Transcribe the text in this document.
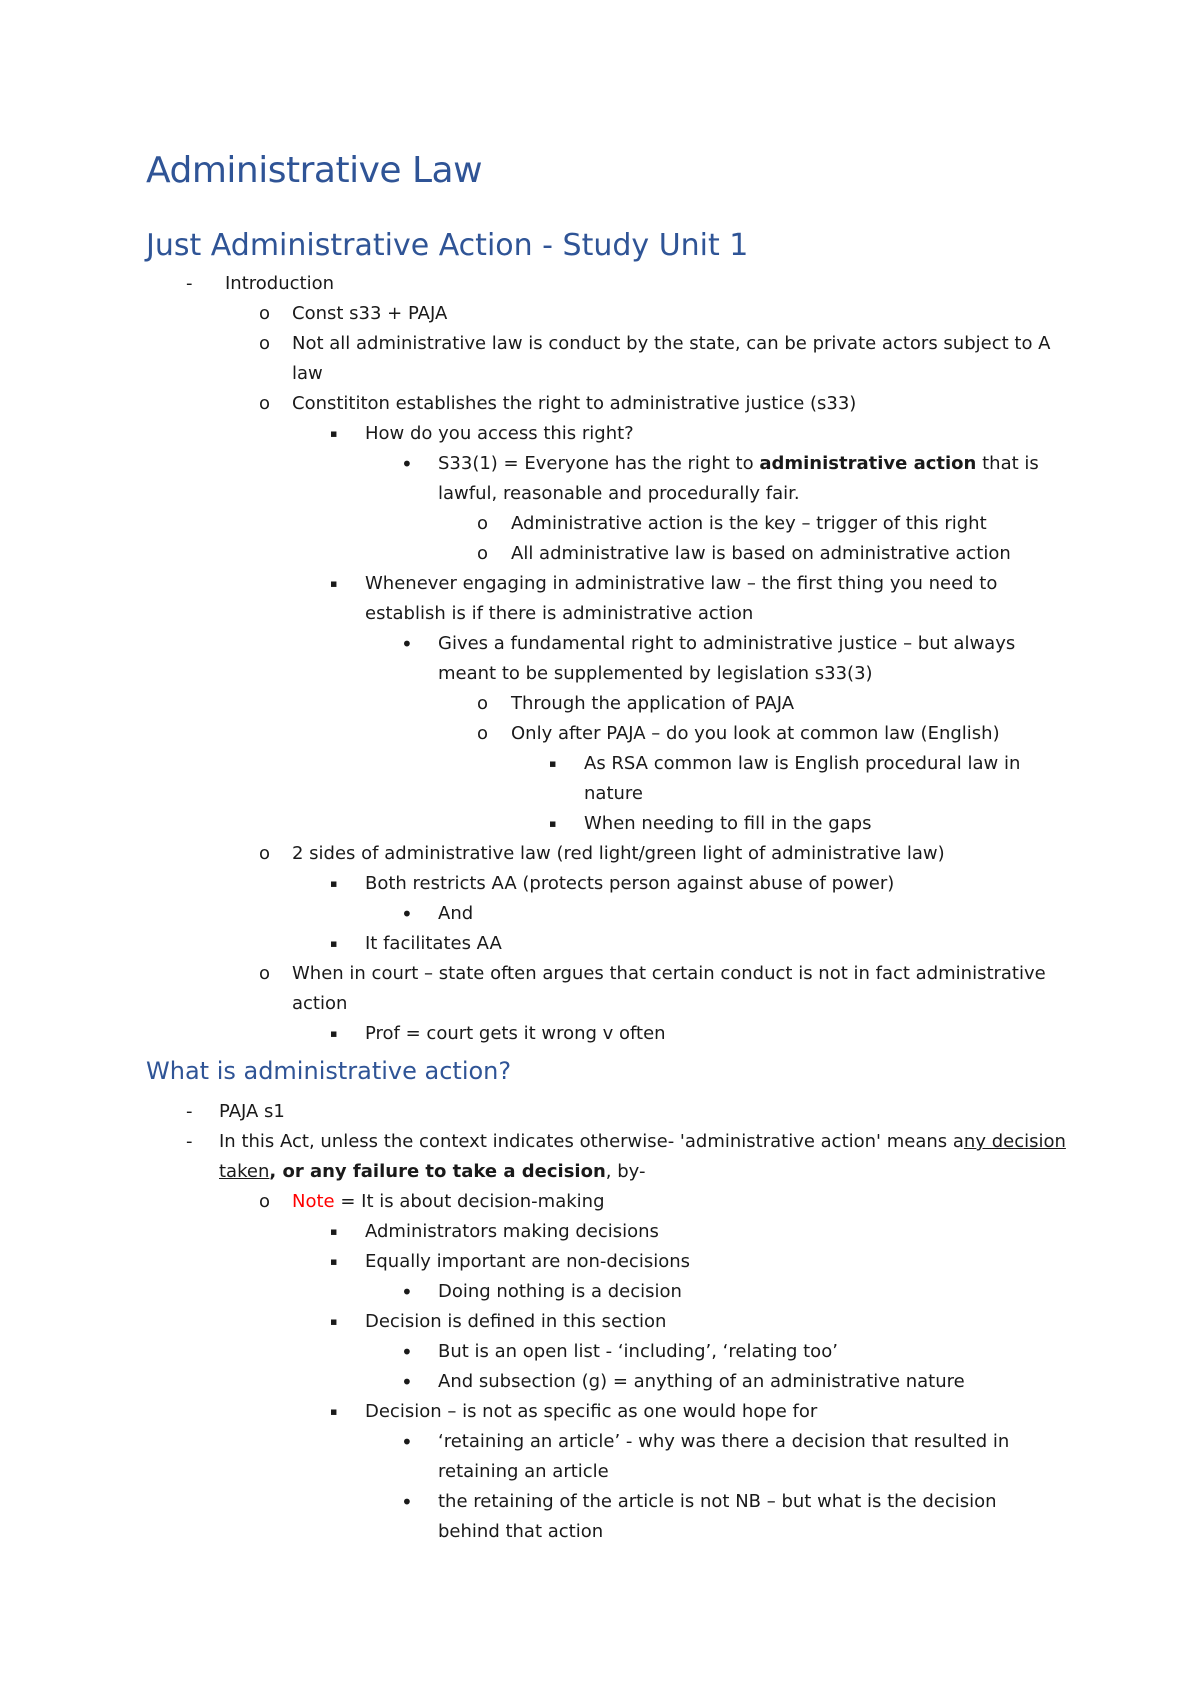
Administrative Law
Just Administrative Action - Study Unit 1
- Introduction
o Const s33 + PAJA
o Not all administrative law is conduct by the state, can be private actors subject to A
law
o Constititon establishes the right to administrative justice (s33)
▪ How do you access this right?
• S33(1) = Everyone has the right to administrative action that is
lawful, reasonable and procedurally fair.
o Administrative action is the key – trigger of this right
o All administrative law is based on administrative action
▪ Whenever engaging in administrative law – the first thing you need to
establish is if there is administrative action
• Gives a fundamental right to administrative justice – but always
meant to be supplemented by legislation s33(3)
o Through the application of PAJA
o Only after PAJA – do you look at common law (English)
▪ As RSA common law is English procedural law in
nature
▪ When needing to fill in the gaps
o 2 sides of administrative law (red light/green light of administrative law)
▪ Both restricts AA (protects person against abuse of power)
• And
▪ It facilitates AA
o When in court – state often argues that certain conduct is not in fact administrative
action
▪ Prof = court gets it wrong v often
What is administrative action?
- PAJA s1
- In this Act, unless the context indicates otherwise- 'administrative action' means any decision
taken, or any failure to take a decision, by-
o Note = It is about decision-making
▪ Administrators making decisions
▪ Equally important are non-decisions
• Doing nothing is a decision
▪ Decision is defined in this section
• But is an open list - ‘including’, ‘relating too’
• And subsection (g) = anything of an administrative nature
▪ Decision – is not as specific as one would hope for
• ‘retaining an article’ - why was there a decision that resulted in
retaining an article
• the retaining of the article is not NB – but what is the decision
behind that action
